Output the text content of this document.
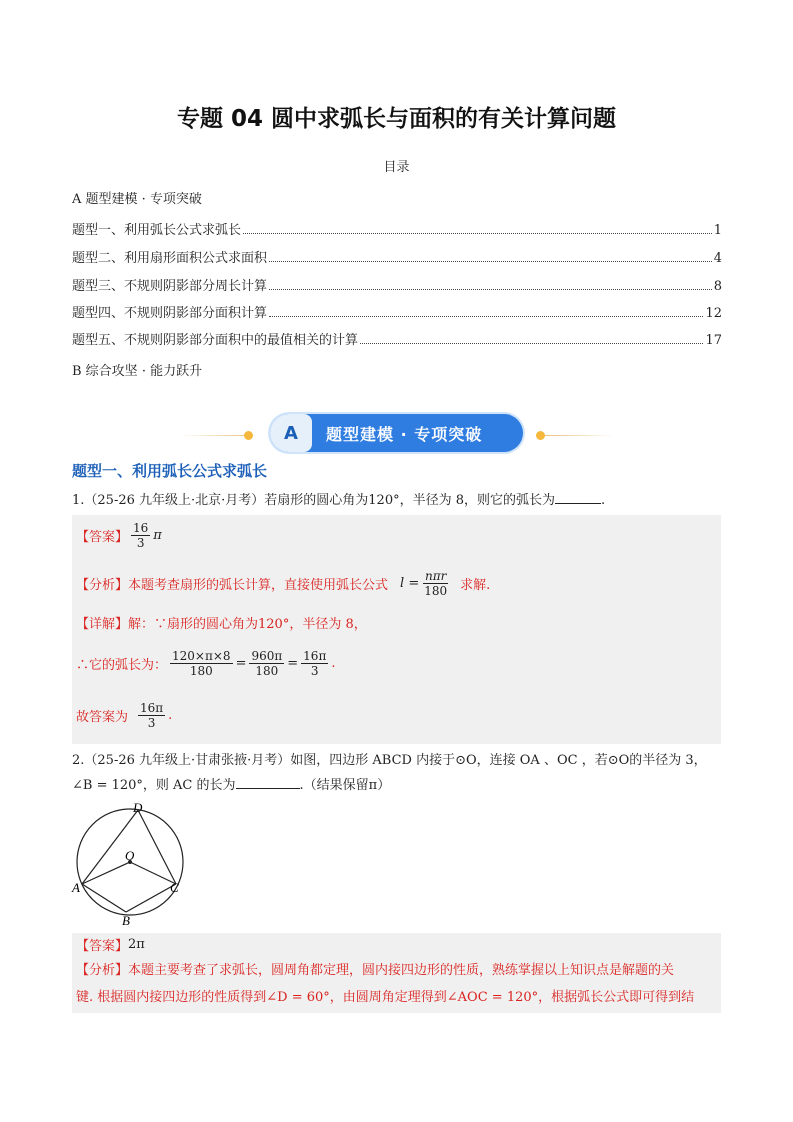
专题 04 圆中求弧长与面积的有关计算问题
目录
A 题型建模 · 专项突破
题型一、利用弧长公式求弧长	1
题型二、利用扇形面积公式求面积	4
题型三、不规则阴影部分周长计算	8
题型四、不规则阴影部分面积计算	12
题型五、不规则阴影部分面积中的最值相关的计算	17
B 综合攻坚 · 能力跃升
A	题型建模 · 专项突破
题型一、利用弧长公式求弧长
1.（25-26 九年级上·北京·月考）若扇形的圆心角为120°，半径为 8，则它的弧长为	.
【答案】 $\frac{16}{3}$ π
【分析】 本题考查扇形的弧长计算，直接使用弧长公式 $l = \frac{\text{nπr}}{180}$ 求解.
【详解】 解：∵扇形的圆心角为120°，半径为 8，
∴它的弧长为： $\frac{120\times\pi\times 8}{180} = \frac{960\pi}{180} = \frac{16\pi}{3}$ .
故答案为 $\frac{16\pi}{3}$ .
2.（25-26 九年级上·甘肃张掖·月考）如图，四边形 ABCD 内接于⊙O，连接 OA 、OC ，若⊙O的半径为 3，
∠B = 120°，则 AC 的长为	.（结果保留π）
D
O
A	C
B
【答案】 2π
【分析】本题主要考查了求弧长，圆周角都定理，圆内接四边形的性质，熟练掌握以上知识点是解题的关
键. 根据圆内接四边形的性质得到∠D = 60°，由圆周角定理得到∠AOC = 120°，根据弧长公式即可得到结
